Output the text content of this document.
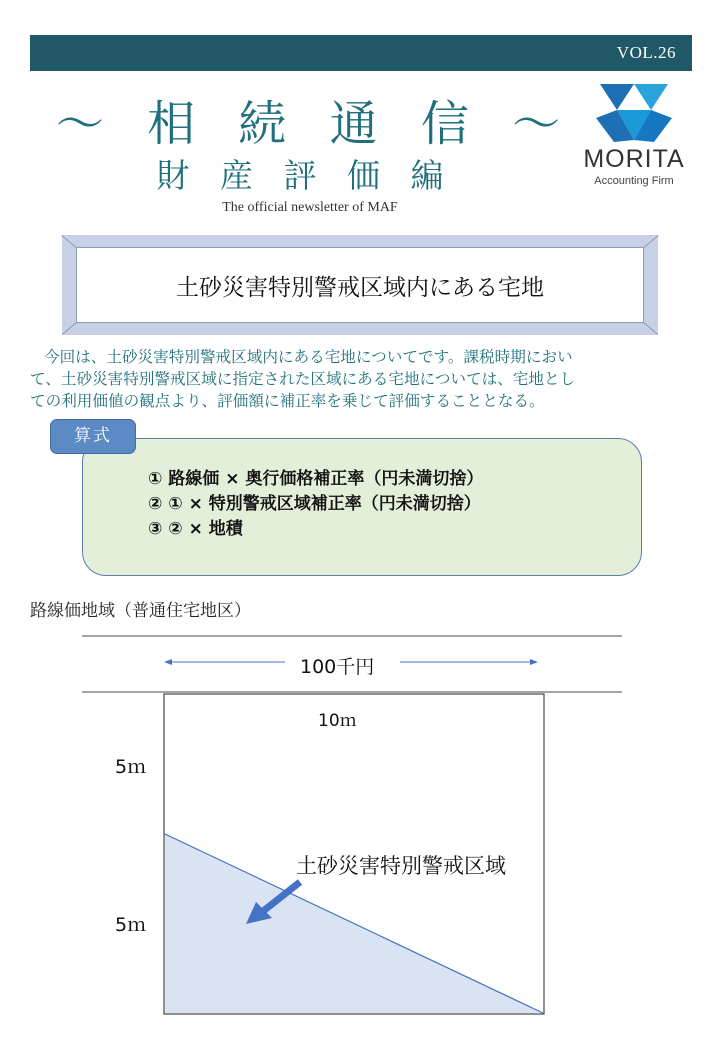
VOL.26
～ 相 続 通 信 ～
財 産 評 価 編
The official newsletter of MAF
MORITA
Accounting Firm
土砂災害特別警戒区域内にある宅地
今回は、土砂災害特別警戒区域内にある宅地についてです。課税時期におい
て、土砂災害特別警戒区域に指定された区域にある宅地については、宅地とし
ての利用価値の観点より、評価額に補正率を乗じて評価することとなる。
算式
① 路線価 × 奥行価格補正率（円未満切捨）
② ① × 特別警戒区域補正率（円未満切捨）
③ ② × 地積
路線価地域（普通住宅地区）
100千円
10ｍ
5ｍ
5ｍ
土砂災害特別警戒区域
